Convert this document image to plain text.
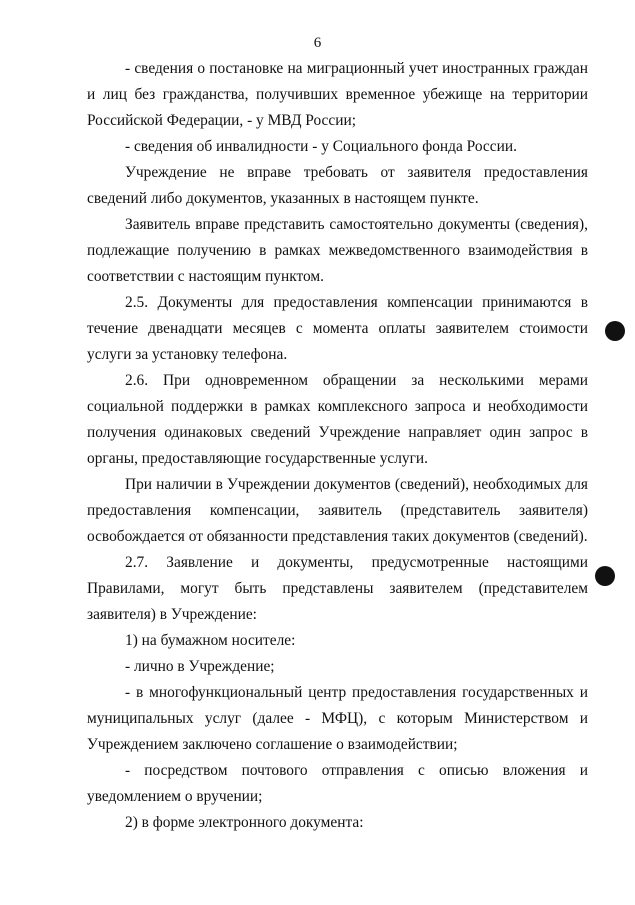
6

- сведения о постановке на миграционный учет иностранных граждан и лиц без гражданства, получивших временное убежище на территории Российской Федерации, - у МВД России;

- сведения об инвалидности - у Социального фонда России.

Учреждение не вправе требовать от заявителя предоставления сведений либо документов, указанных в настоящем пункте.

Заявитель вправе представить самостоятельно документы (сведения), подлежащие получению в рамках межведомственного взаимодействия в соответствии с настоящим пунктом.

2.5. Документы для предоставления компенсации принимаются в течение двенадцати месяцев с момента оплаты заявителем стоимости услуги за установку телефона.

2.6. При одновременном обращении за несколькими мерами социальной поддержки в рамках комплексного запроса и необходимости получения одинаковых сведений Учреждение направляет один запрос в органы, предоставляющие государственные услуги.

При наличии в Учреждении документов (сведений), необходимых для предоставления компенсации, заявитель (представитель заявителя) освобождается от обязанности представления таких документов (сведений).

2.7. Заявление и документы, предусмотренные настоящими Правилами, могут быть представлены заявителем (представителем заявителя) в Учреждение:

1) на бумажном носителе:

- лично в Учреждение;

- в многофункциональный центр предоставления государственных и муниципальных услуг (далее - МФЦ), с которым Министерством и Учреждением заключено соглашение о взаимодействии;

- посредством почтового отправления с описью вложения и уведомлением о вручении;

2) в форме электронного документа:
